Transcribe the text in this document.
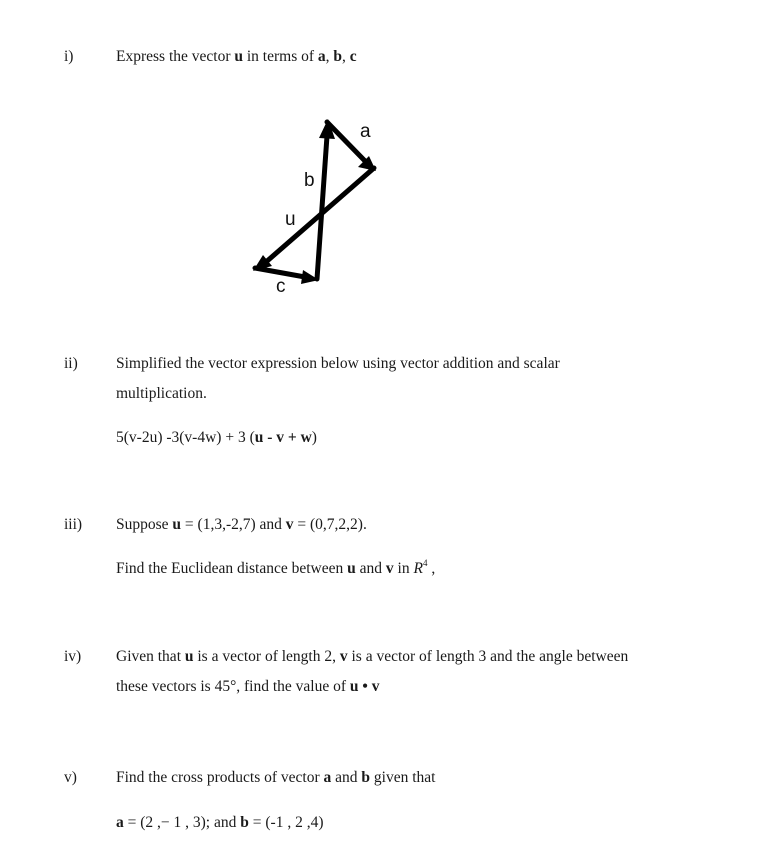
i)	Express the vector u in terms of a, b, c
a
b
u
c
ii) Simplified the vector expression below using vector addition and scalar
multiplication.
5(v-2u) -3(v-4w) + 3 (u - v + w)
iii) Suppose u = (1,3,-2,7) and v = (0,7,2,2).
Find the Euclidean distance between u and v in $R^4$ ,
iv) Given that u is a vector of length 2, v is a vector of length 3 and the angle between
these vectors is 45°, find the value of u • v
v)	Find the cross products of vector a and b given that
a = (2 ,− 1 , 3); and b = (-1 , 2 ,4)
